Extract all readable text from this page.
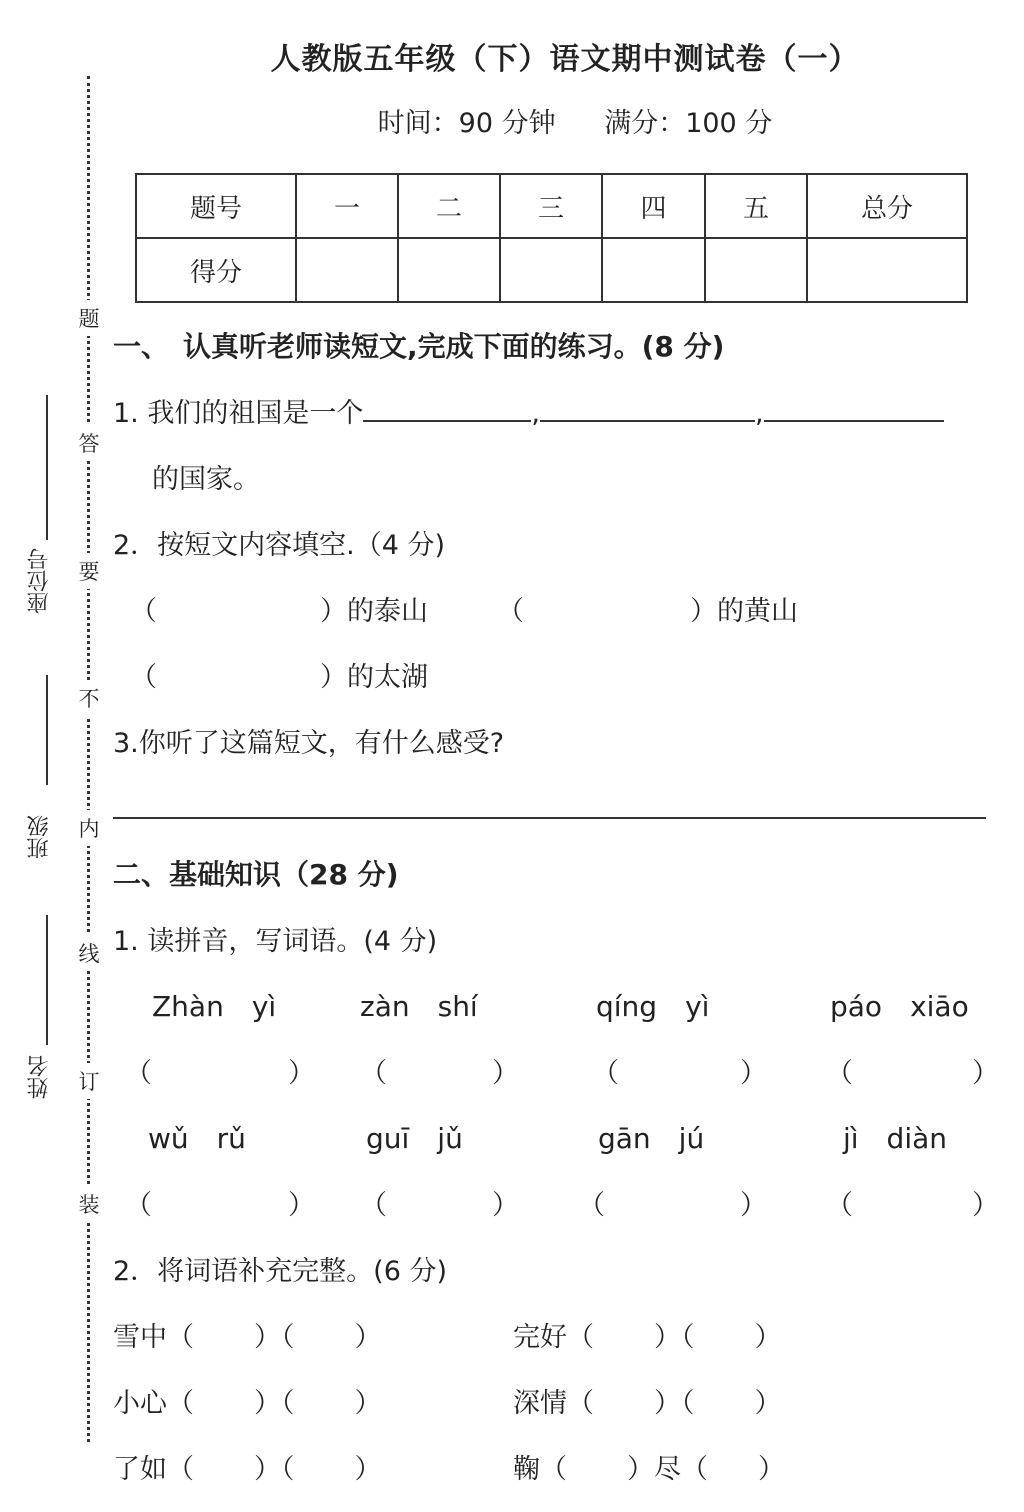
人教版五年级（下）语文期中测试卷（一）
时间：90 分钟 满分：100 分
题
答
要
不
内
线
订
装
座位号
班级
姓名
题号	一	二	三	四	五	总分
得分						
一、　认真听老师读短文,完成下面的练习。(8 分)
1. 我们的祖国是一个	,	,
的国家。
2．按短文内容填空.（4 分)
（	）的泰山	（	）的黄山
（	）的太湖
3.你听了这篇短文，有什么感受?
二、基础知识（28 分)
1. 读拼音，写词语。(4 分)
Zhàn　yì	zàn　shí	qíng　yì	páo　xiāo
（	） （	）	（	） （	）
wǔ　rǔ	guī　jǔ	gān　jú	jì　diàn
（	） （	） （	） （	）
2．将词语补充完整。(6 分)
雪中（ ）（ ）	完好（ ）（ ）
小心（ ）（ ）	深情（ ）（ ）
了如（ ）（ ）	鞠（ ）尽（ ）
